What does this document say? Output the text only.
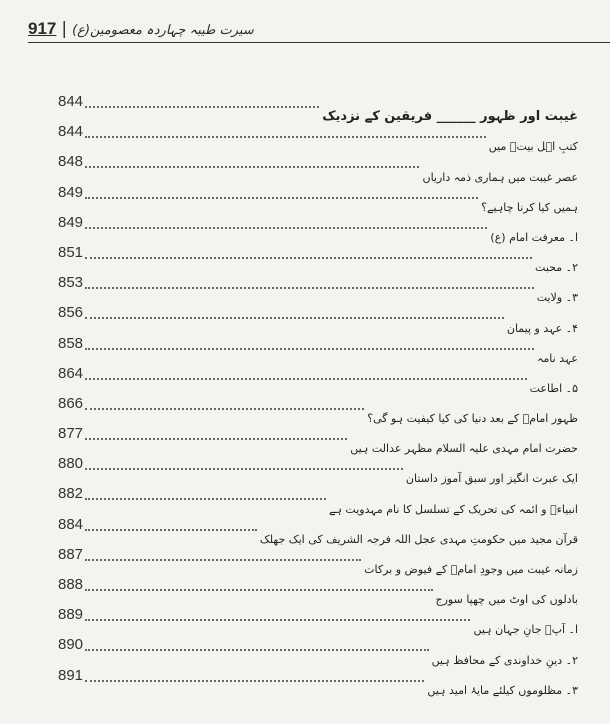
917 | سیرت طیبہ چہاردہ معصومین(ع)
844
غیبت اور ظہور ______ فریقین کے نزدیک
844
کتبِ اہل بیتؑ میں
848
عصر غیبت میں ہماری ذمہ داریاں
849
ہمیں کیا کرنا چاہیے؟
849
ا۔ معرفت امام (ع)
851
۲۔ محبت
853
۳۔ ولایت
856
۴۔ عہد و پیمان
858
عہد نامہ
864
۵۔ اطاعت
866
ظہور امامؑ کے بعد دنیا کی کیا کیفیت ہو گی؟
877
حضرت امام مہدی علیہ السلام مظہر عدالت ہیں
880
ایک عبرت انگیز اور سبق آموز داستان
882
انبیاءؑ و ائمہ کی تحریک کے تسلسل کا نام مہدویت ہے
884
قرآن مجید میں حکومتِ مہدی عجل اللہ فرجہ الشریف کی ایک جھلک
887
زمانہ غیبت میں وجودِ امامؑ کے فیوض و برکات
888
بادلوں کی اوٹ میں چھپا سورج
889
ا۔ آپؑ جانِ جہان ہیں
890
۲۔ دینِ خداوندی کے محافظ ہیں
891
۳۔ مظلوموں کیلئے مایۂ امید ہیں
